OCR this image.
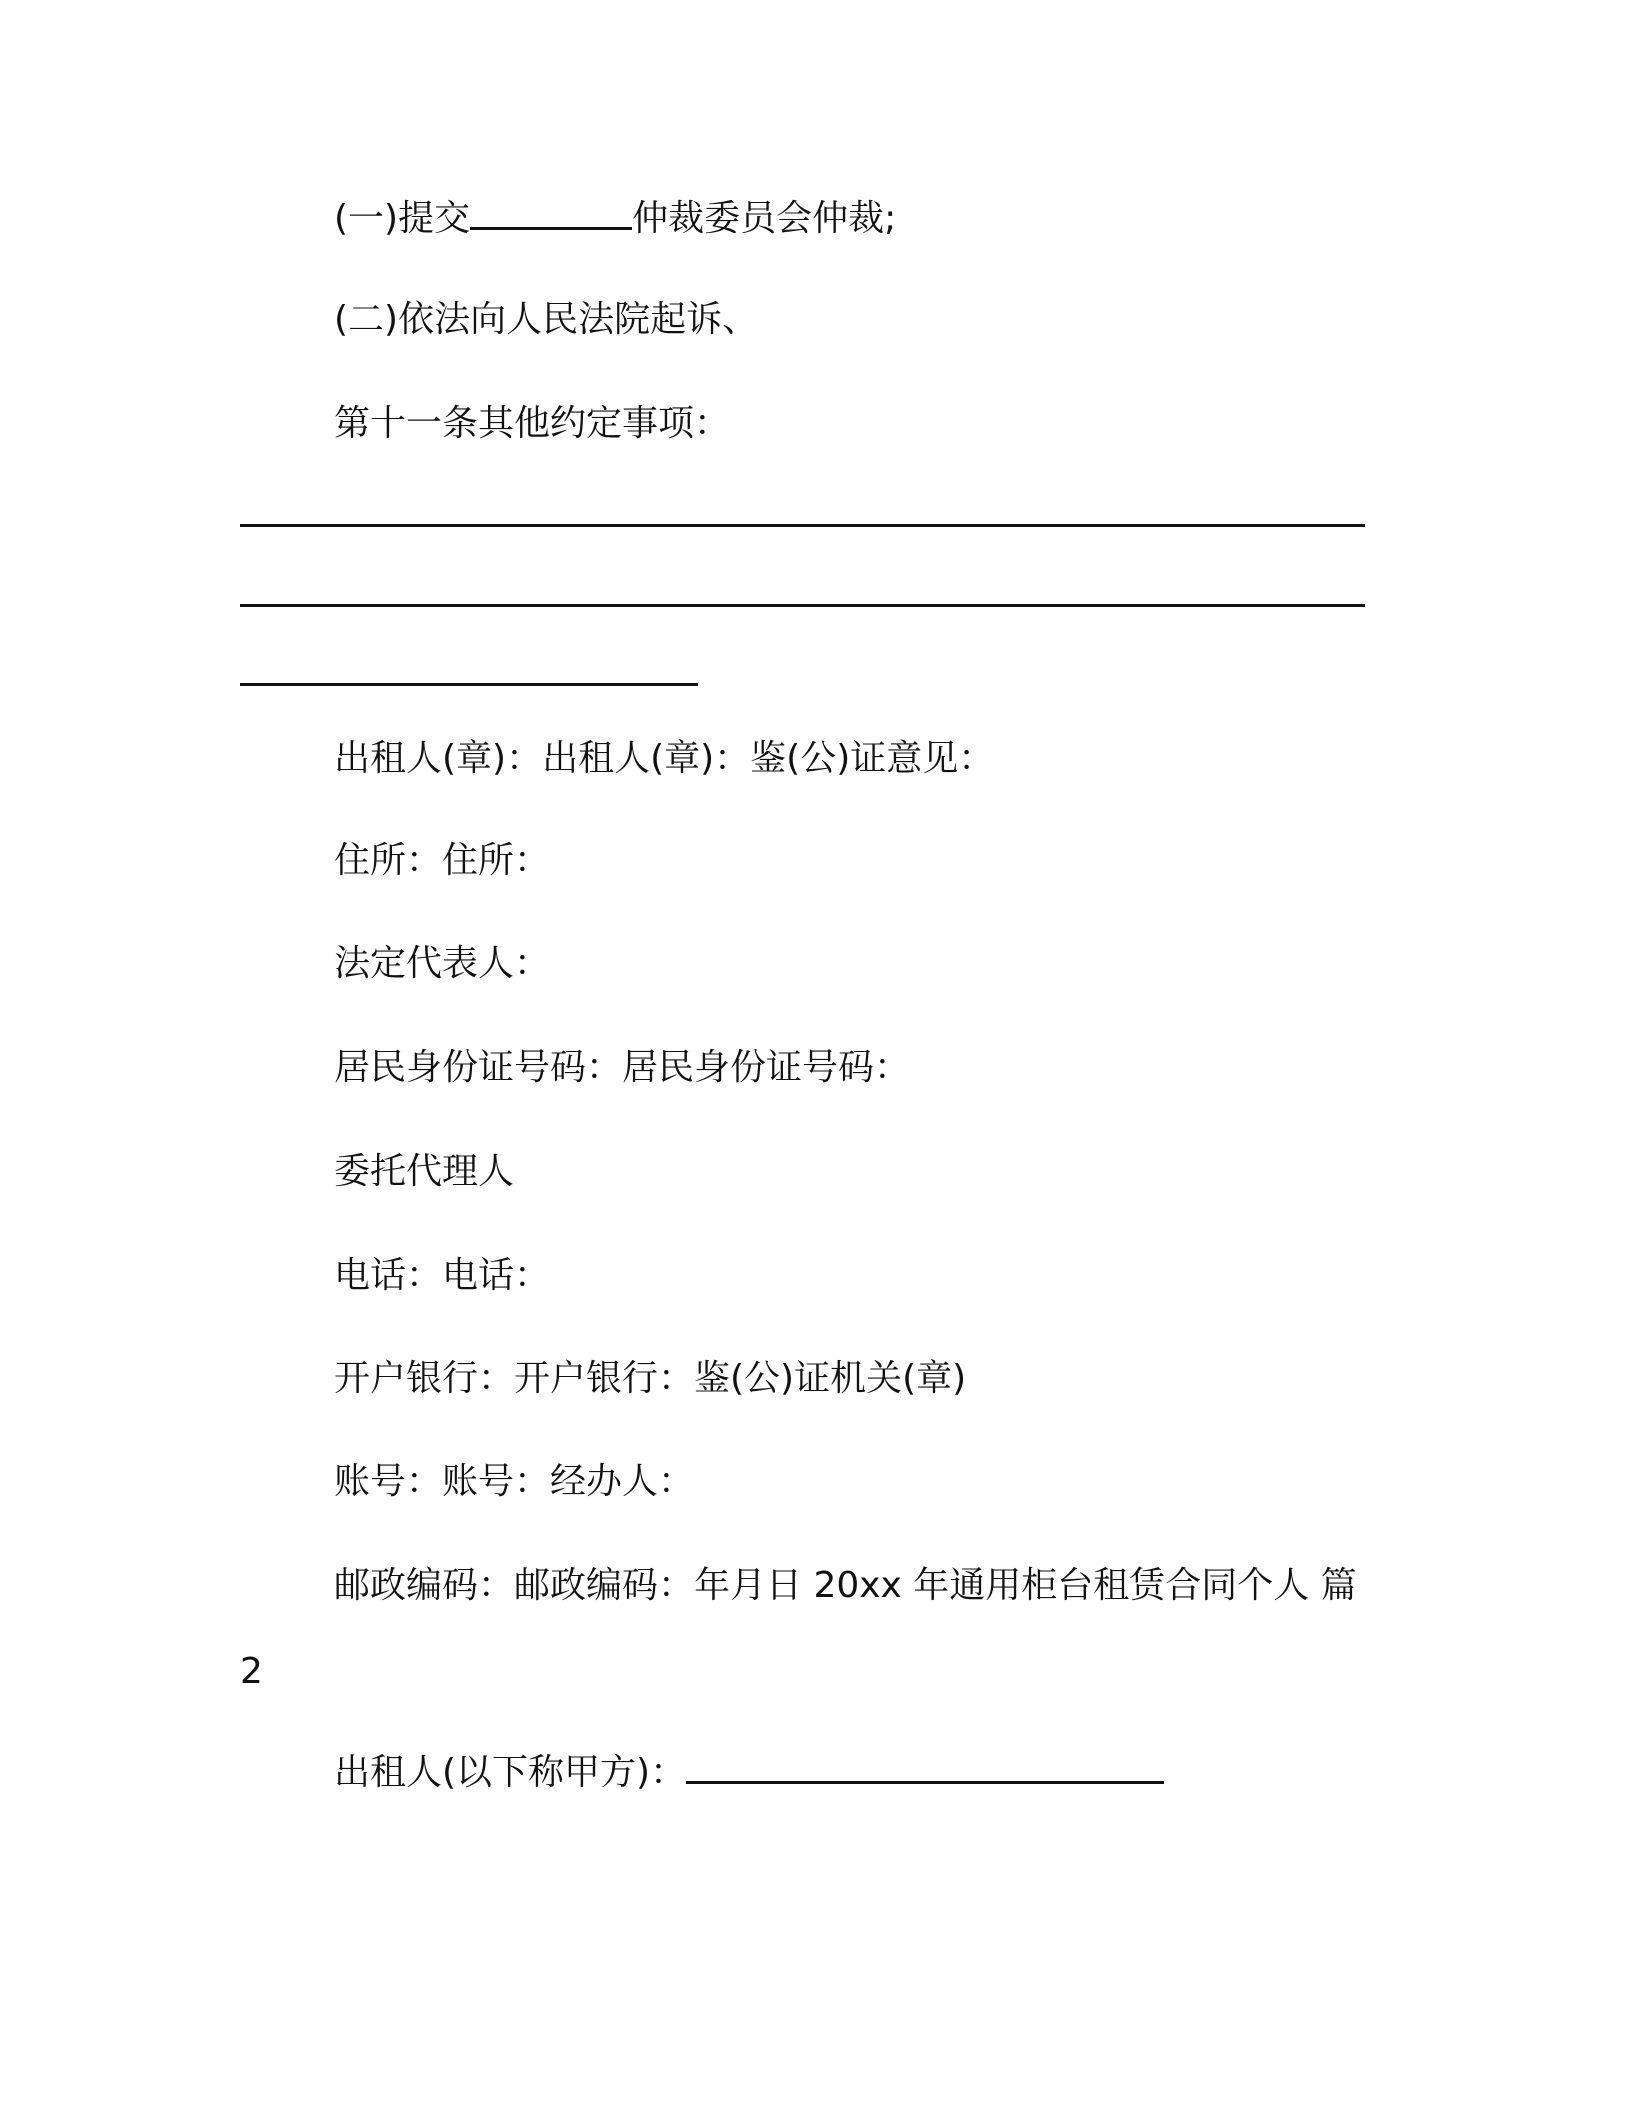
(一)提交	仲裁委员会仲裁;
(二)依法向人民法院起诉、
第十一条其他约定事项：
出租人(章)：出租人(章)：鉴(公)证意见：
住所：住所：
法定代表人：
居民身份证号码：居民身份证号码：
委托代理人
电话：电话：
开户银行：开户银行：鉴(公)证机关(章)
账号：账号：经办人：
邮政编码：邮政编码：年月日 20xx 年通用柜台租赁合同个人 篇
2
出租人(以下称甲方)：
